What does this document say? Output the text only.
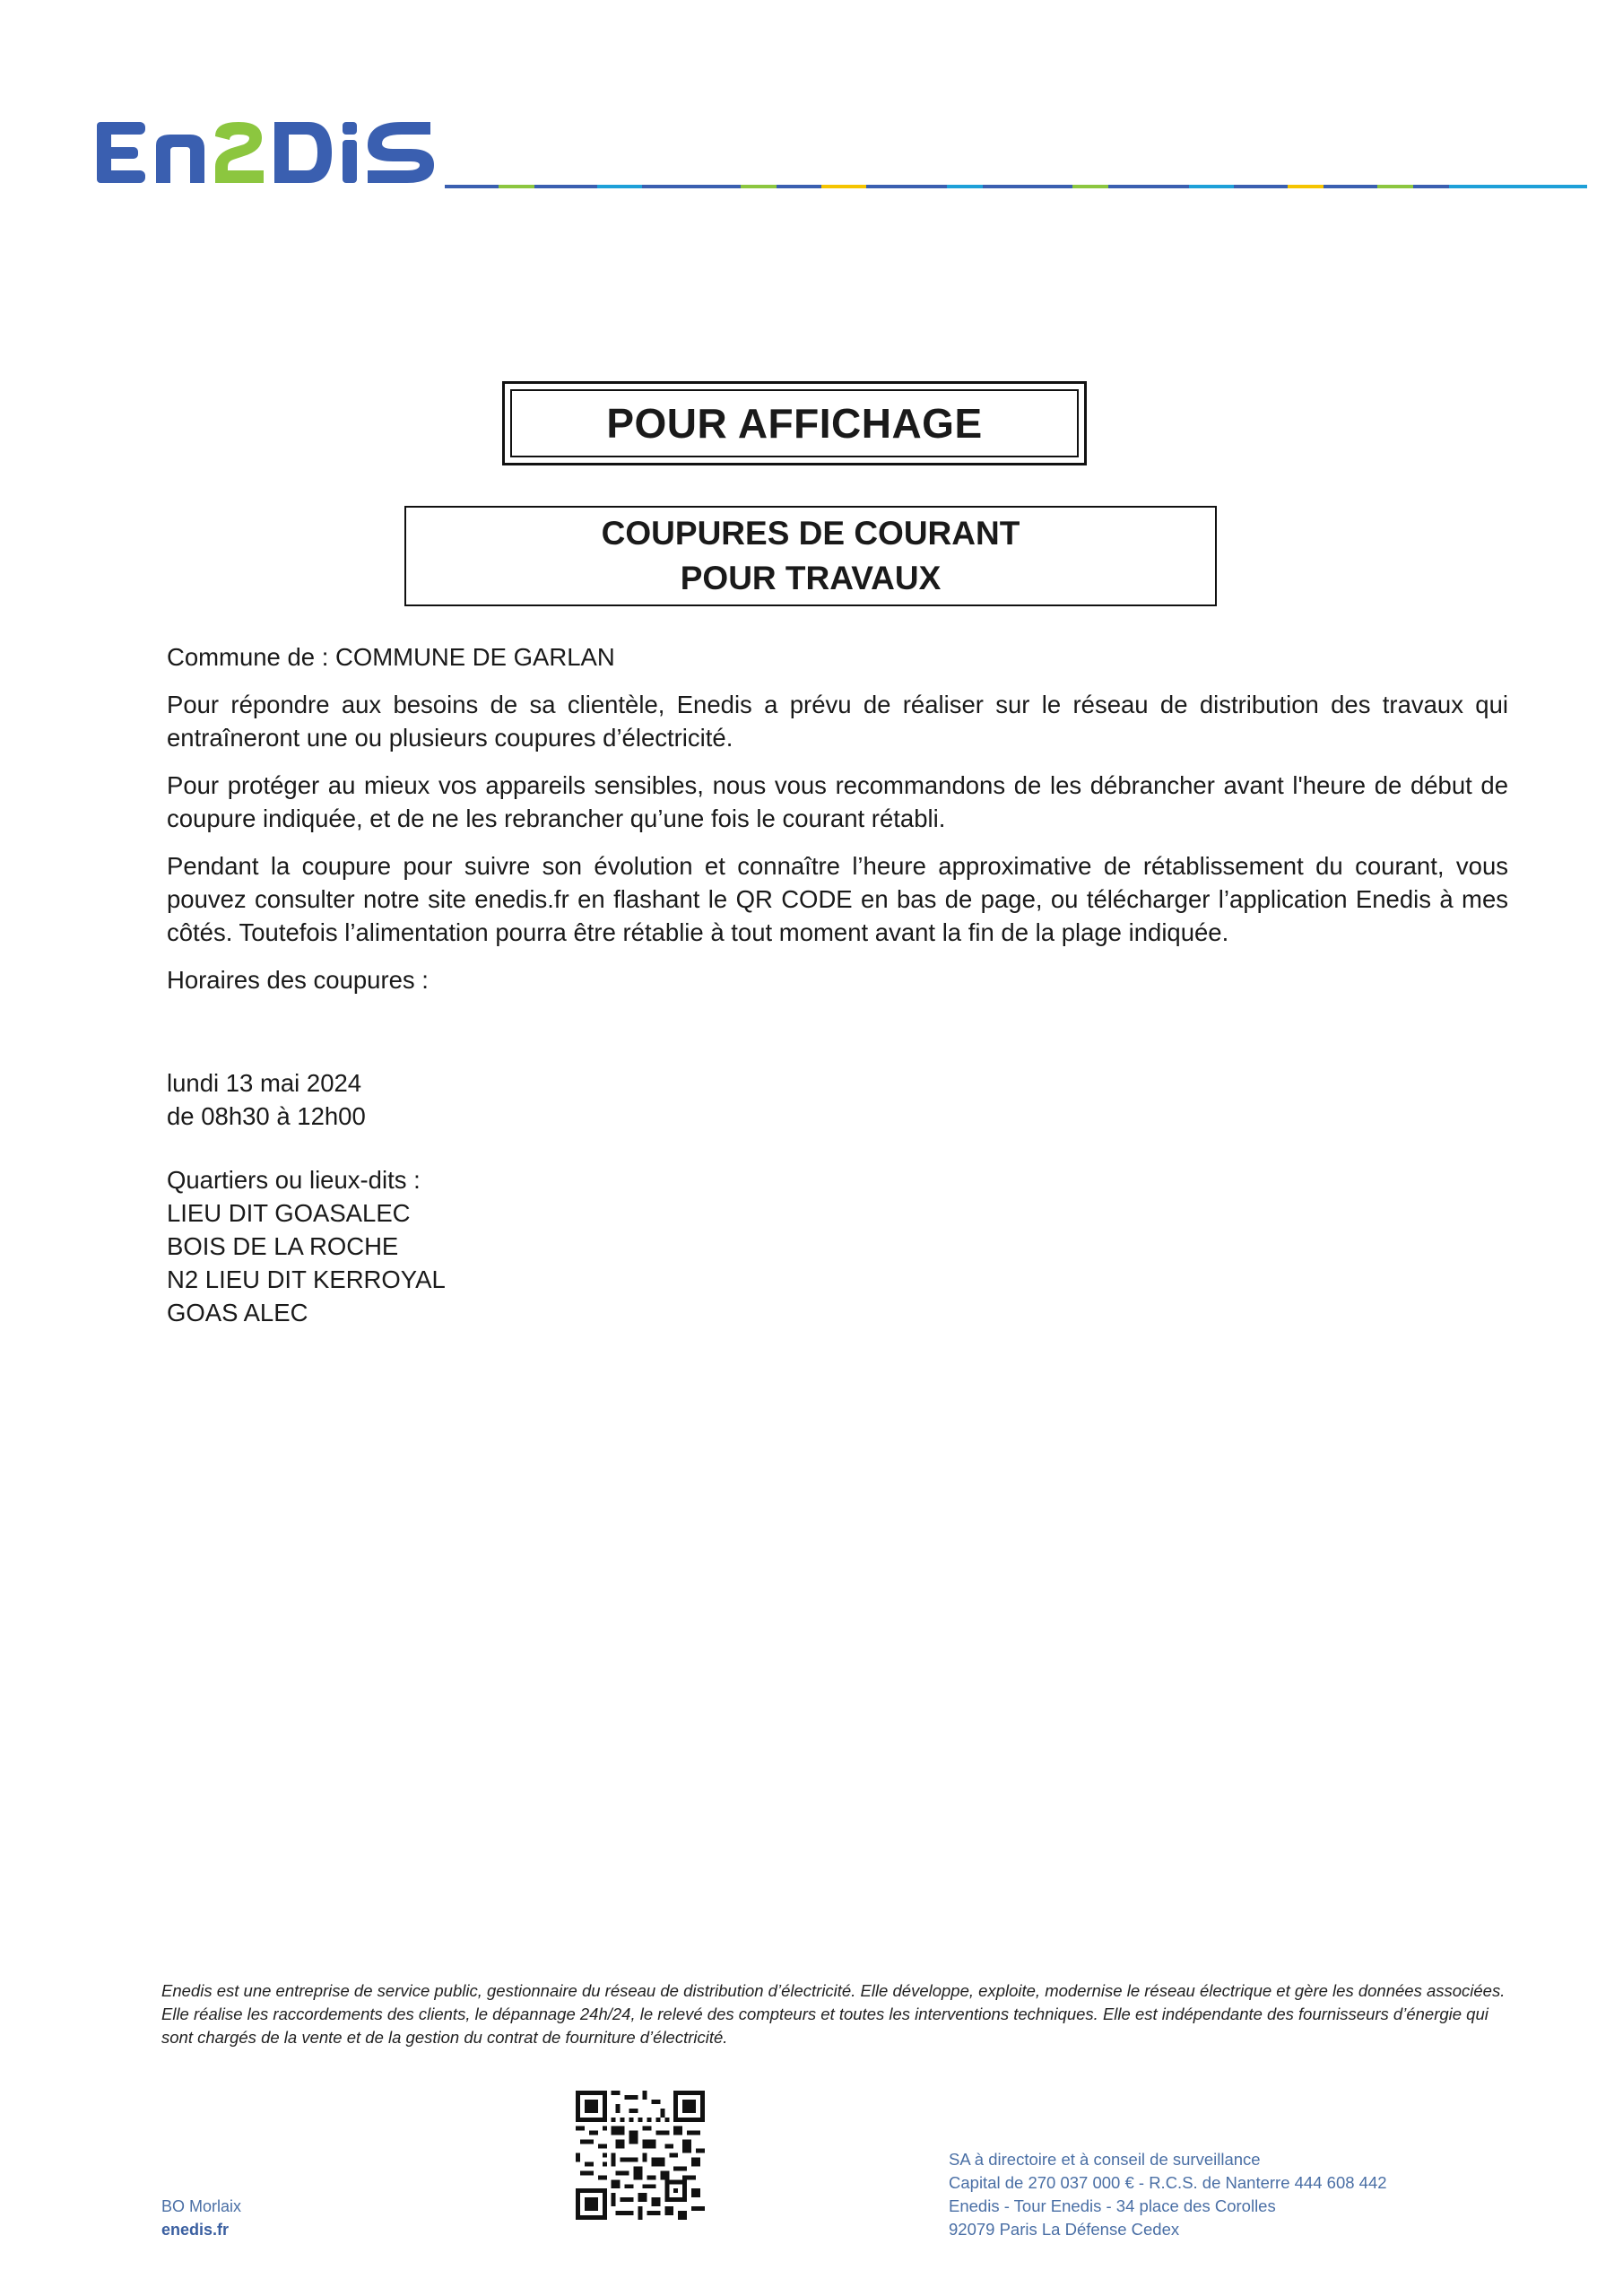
POUR AFFICHAGE
COUPURES DE COURANT
POUR TRAVAUX

Commune de : COMMUNE DE GARLAN

Pour répondre aux besoins de sa clientèle, Enedis a prévu de réaliser sur le réseau de distribution des travaux qui entraîneront une ou plusieurs coupures d’électricité.

Pour protéger au mieux vos appareils sensibles, nous vous recommandons de les débrancher avant l'heure de début de coupure indiquée, et de ne les rebrancher qu’une fois le courant rétabli.

Pendant la coupure pour suivre son évolution et connaître l’heure approximative de rétablissement du courant, vous pouvez consulter notre site enedis.fr en flashant le QR CODE en bas de page, ou télécharger l’application Enedis à mes côtés. Toutefois l’alimentation pourra être rétablie à tout moment avant la fin de la plage indiquée.

Horaires des coupures :

lundi 13 mai 2024
de 08h30 à 12h00
Quartiers ou lieux-dits :
LIEU DIT GOASALEC
BOIS DE LA ROCHE
N2 LIEU DIT KERROYAL
GOAS ALEC
Enedis est une entreprise de service public, gestionnaire du réseau de distribution d’électricité. Elle développe, exploite, modernise le réseau électrique et gère les données associées. Elle réalise les raccordements des clients, le dépannage 24h/24, le relevé des compteurs et toutes les interventions techniques. Elle est indépendante des fournisseurs d’énergie qui sont chargés de la vente et de la gestion du contrat de fourniture d’électricité.
BO Morlaix
enedis.fr
SA à directoire et à conseil de surveillance
Capital de 270 037 000 € - R.C.S. de Nanterre 444 608 442
Enedis - Tour Enedis - 34 place des Corolles
92079 Paris La Défense Cedex
